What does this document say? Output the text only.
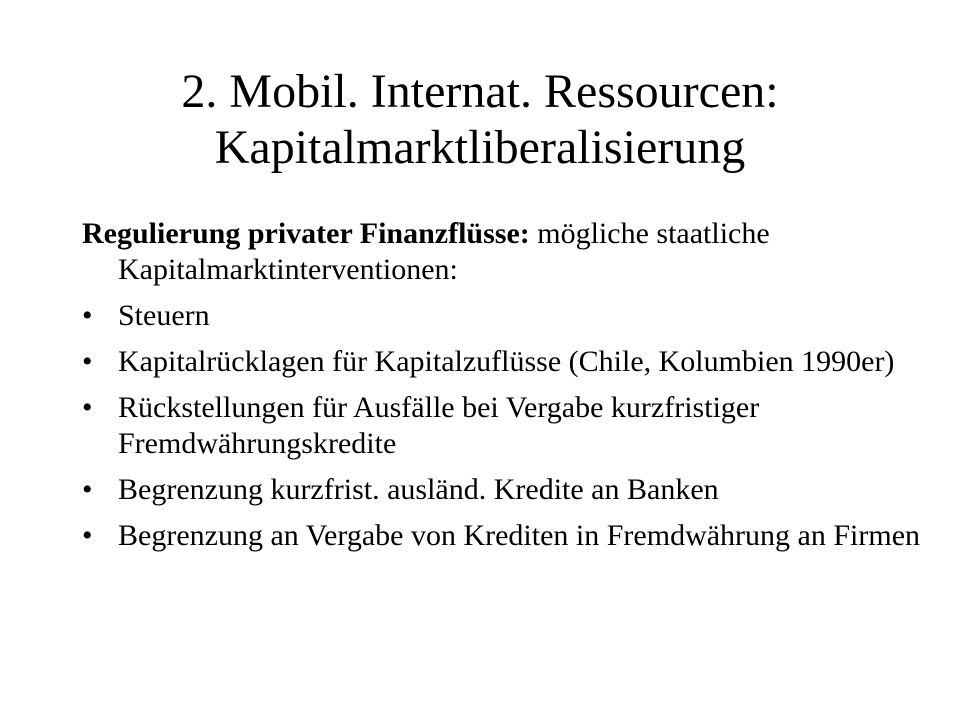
2. Mobil. Internat. Ressourcen:
Kapitalmarktliberalisierung

Regulierung privater Finanzflüsse: mögliche staatliche Kapitalmarktinterventionen:

• Steuern
• Kapitalrücklagen für Kapitalzuflüsse (Chile, Kolumbien 1990er)
• Rückstellungen für Ausfälle bei Vergabe kurzfristiger Fremdwährungskredite
• Begrenzung kurzfrist. ausländ. Kredite an Banken
• Begrenzung an Vergabe von Krediten in Fremdwährung an Firmen
